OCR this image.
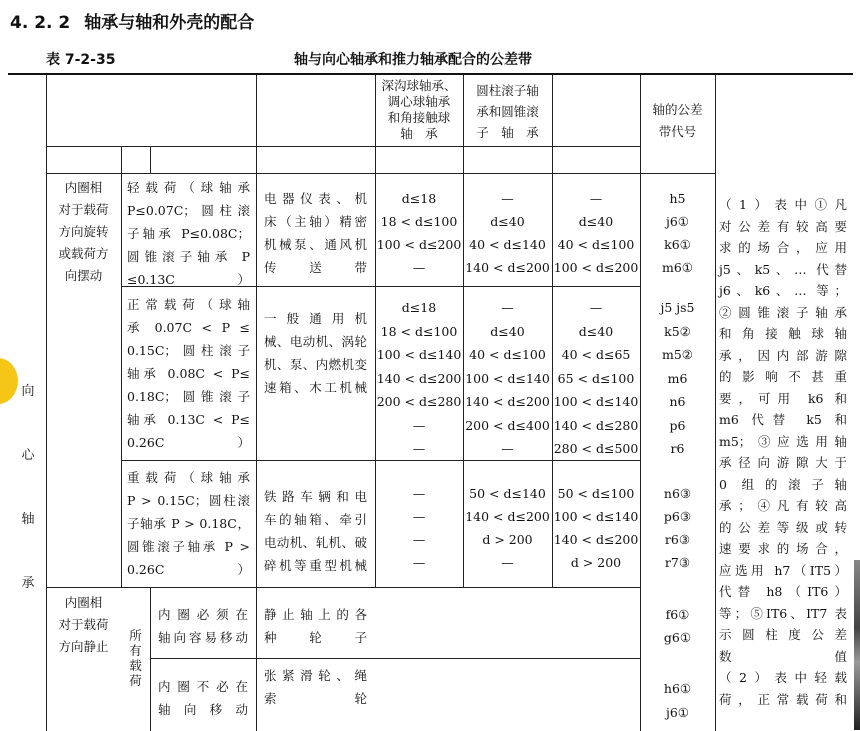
4. 2. 2 轴承与轴和外壳的配合
表 7-2-35	轴与向心轴承和推力轴承配合的公差带
向
心
轴
承
深沟球轴承、
调心球轴承
和角接触球
轴　承
圆柱滚子轴
承和圆锥滚
子　轴　承
轴的公差
带代号
内圈相
对于载荷
方向旋转
或载荷方
向摆动
轻载荷（球轴承
P≤0.07C；圆柱滚
子轴承 P≤0.08C；
圆锥滚子轴承 P
≤0.13C）
电器仪表、机
床（主轴）精密
机械泵、通风机
传送带
d≤18
18 < d≤100
100 < d≤200
—
—
d≤40
40 < d≤140
140 < d≤200
—
d≤40
40 < d≤100
100 < d≤200
h5
j6①
k6①
m6①
正常载荷（球轴
承 0.07C < P ≤
0.15C；圆柱滚子
轴承 0.08C < P≤
0.18C；圆锥滚子
轴承 0.13C < P≤
0.26C）
一般通用机
械、电动机、涡轮
机、泵、内燃机变
速箱、木工机械
d≤18
18 < d≤100
100 < d≤140
140 < d≤200
200 < d≤280
—
—
—
d≤40
40 < d≤100
100 < d≤140
140 < d≤200
200 < d≤400
—
—
d≤40
40 < d≤65
65 < d≤100
100 < d≤140
140 < d≤280
280 < d≤500
j5 js5
k5②
m5②
m6
n6
p6
r6
重载荷（球轴承
P > 0.15C；圆柱滚
子轴承 P > 0.18C，
圆锥滚子轴承 P >
0.26C）
铁路车辆和电
车的轴箱、牵引
电动机、轧机、破
碎机等重型机械
—
—
—
—
50 < d≤140
140 < d≤200
d > 200
—
50 < d≤100
100 < d≤140
140 < d≤200
d > 200
n6③
p6③
r6③
r7③
内圈相
对于载荷
方向静止
所
有
载
荷
内圈必须在
轴向容易移动
静止轴上的各
种轮子
f6①
g6①
内圈不必在
轴向移动
张紧滑轮、绳
索轮
h6①
j6①
（1）表中①凡
对公差有较高要
求的场合，应用
j5、k5、… 代替
j6、k6、… 等；
②圆锥滚子轴承
和角接触球轴
承，因内部游隙
的影响不甚重
要，可用 k6 和
m6 代替 k5 和
m5；③应选用轴
承径向游隙大于
0 组的滚子轴
承；④凡有较高
的公差等级或转
速要求的场合，
应选用 h7（IT5）
代替 h8（IT6）
等；⑤IT6、IT7 表
示圆柱度公差
数值
（2）表中轻载
荷，正常载荷和
